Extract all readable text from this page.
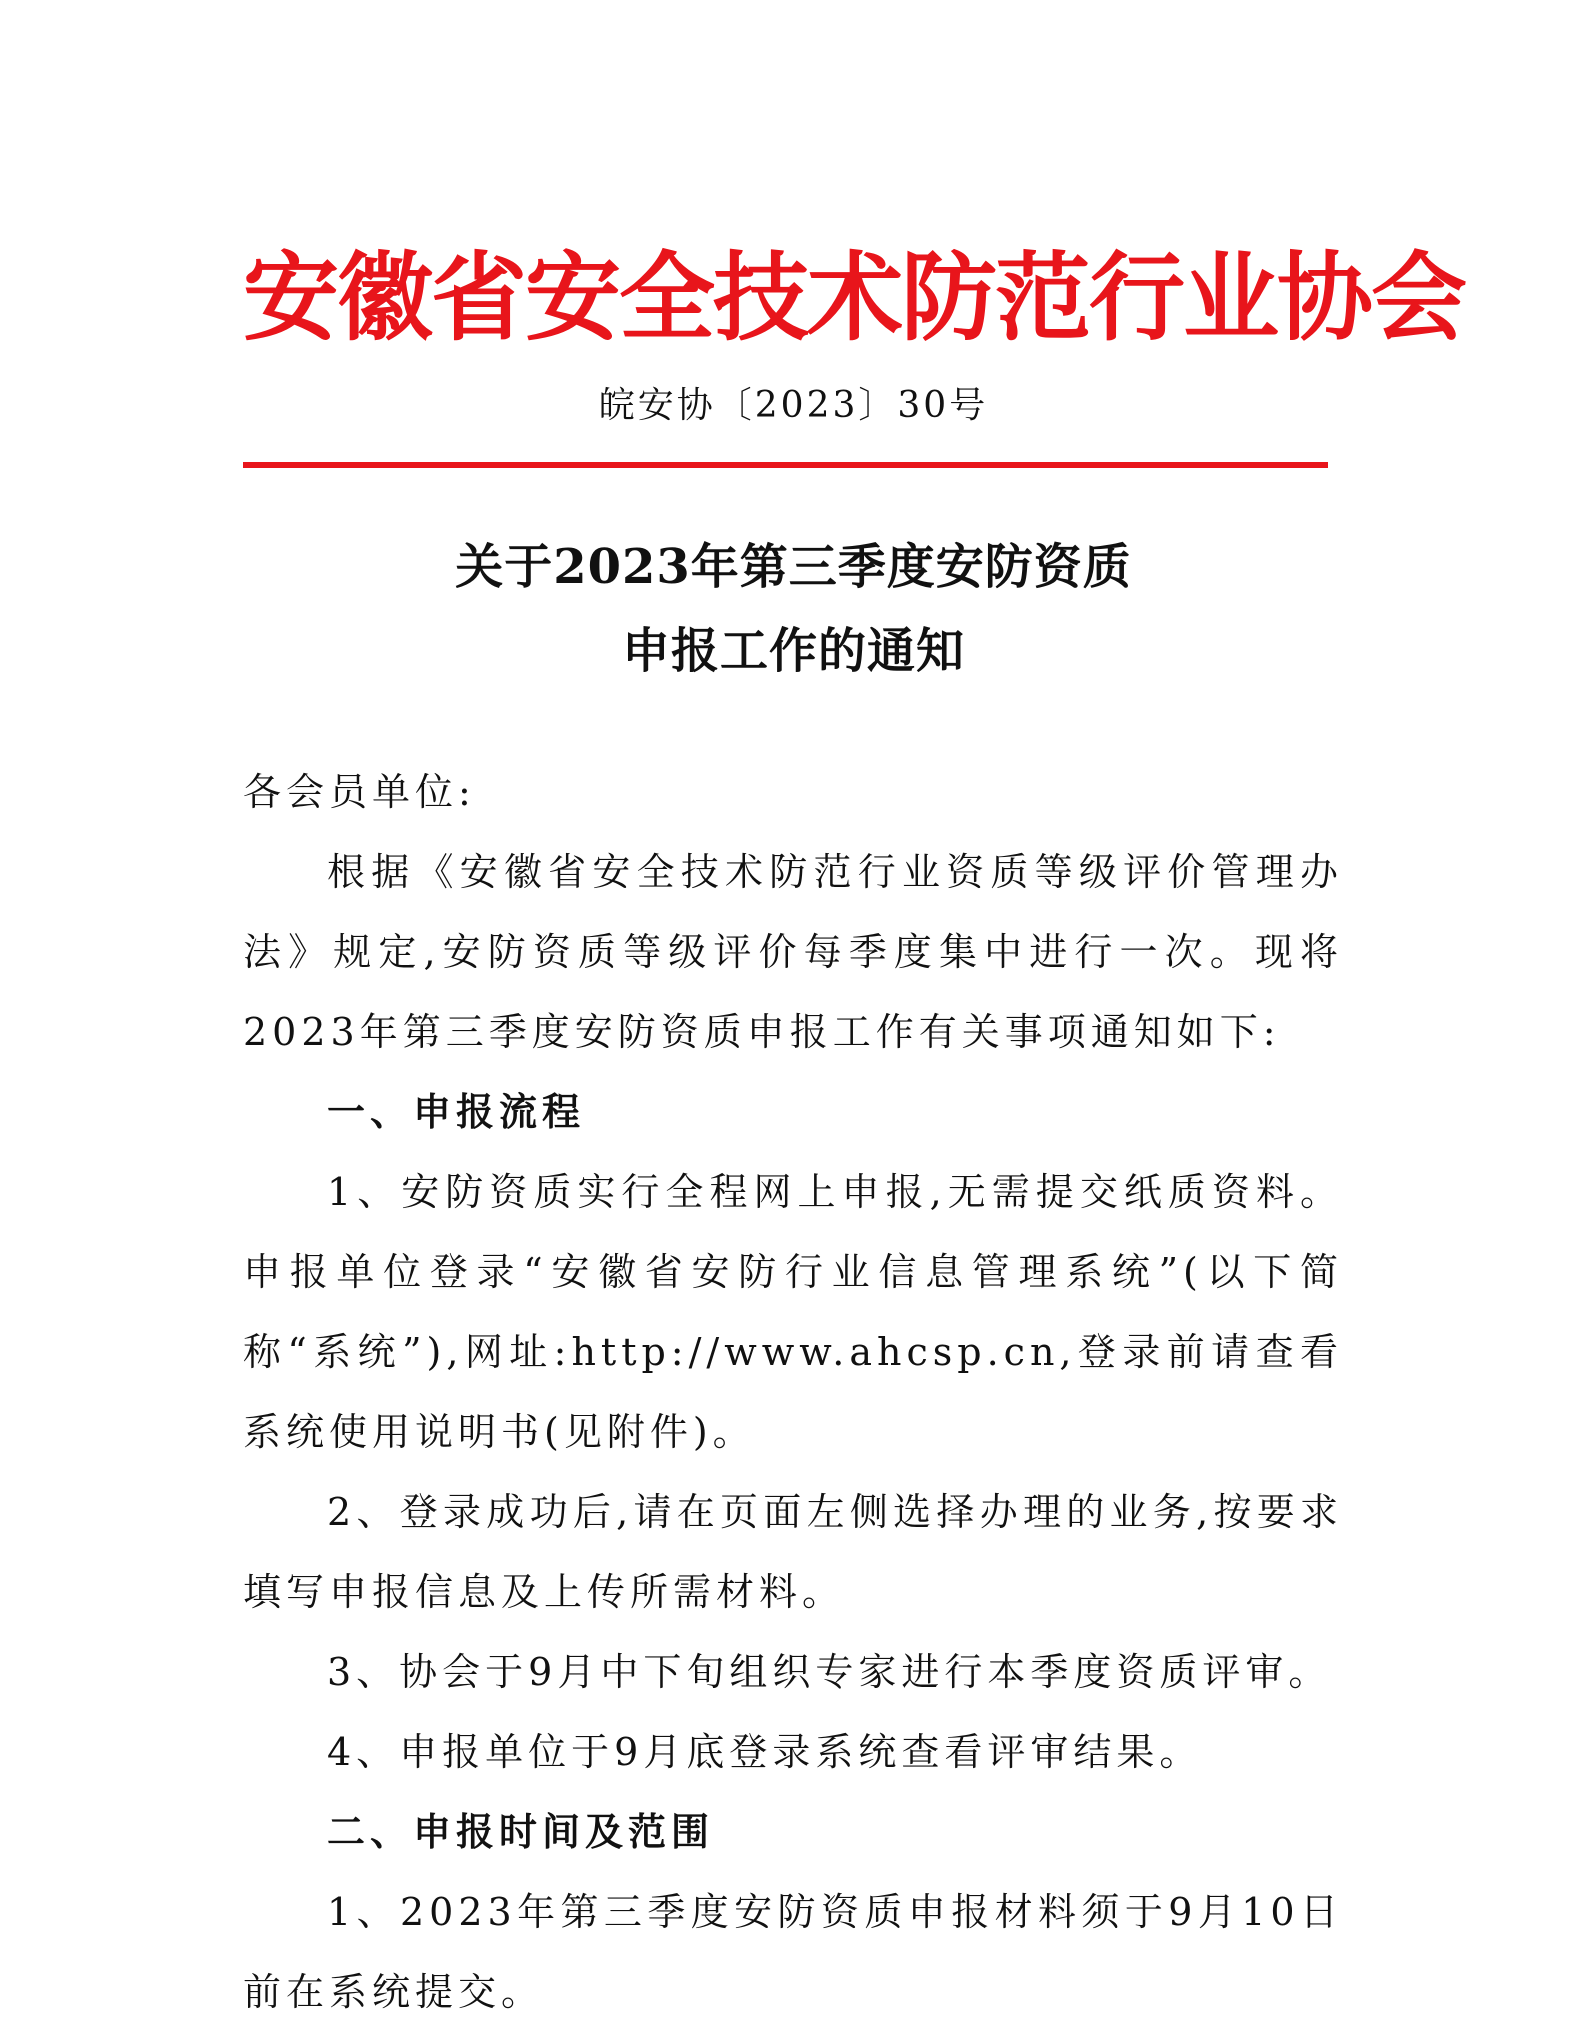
安徽省安全技术防范行业协会
皖安协〔2023〕30号
关于2023年第三季度安防资质
申报工作的通知

各会员单位:

根据《安徽省安全技术防范行业资质等级评价管理办法》规定,安防资质等级评价每季度集中进行一次。现将2023年第三季度安防资质申报工作有关事项通知如下:

一、申报流程

1、安防资质实行全程网上申报,无需提交纸质资料。申报单位登录“安徽省安防行业信息管理系统”(以下简称“系统”),网址:http://www.ahcsp.cn,登录前请查看系统使用说明书(见附件)。

2、登录成功后,请在页面左侧选择办理的业务,按要求填写申报信息及上传所需材料。

3、协会于9月中下旬组织专家进行本季度资质评审。

4、申报单位于9月底登录系统查看评审结果。

二、申报时间及范围

1、2023年第三季度安防资质申报材料须于9月10日前在系统提交。
